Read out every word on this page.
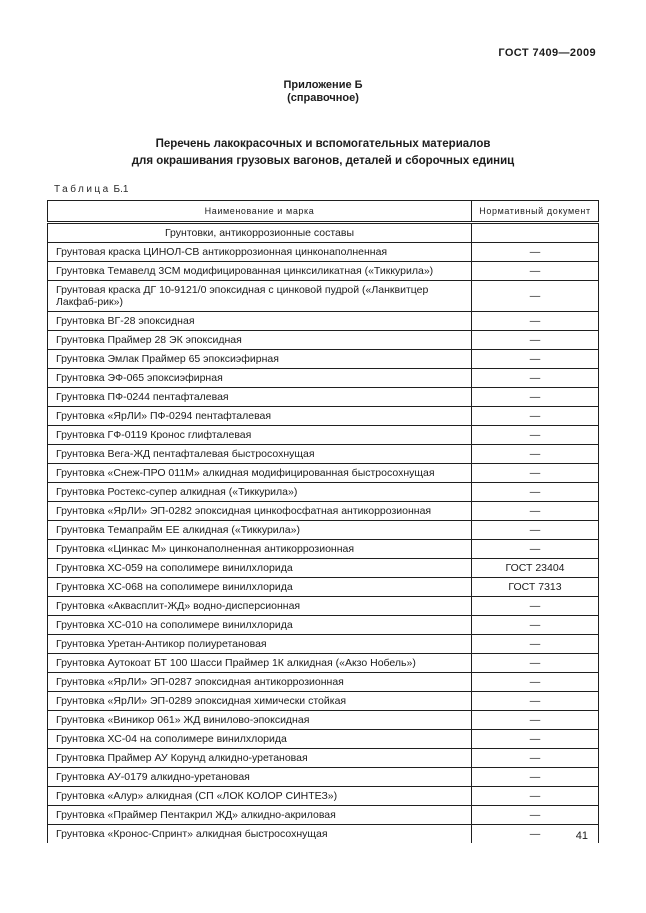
ГОСТ 7409—2009
Приложение Б
(справочное)
Перечень лакокрасочных и вспомогательных материалов
для окрашивания грузовых вагонов, деталей и сборочных единиц
Таблица Б.1
Наименование и марка	Нормативный документ
Грунтовки, антикоррозионные составы	
Грунтовая краска ЦИНОЛ-СВ антикоррозионная цинконаполненная	—
Грунтовка Темавелд 3СМ модифицированная цинксиликатная («Тиккурила»)	—
Грунтовая краска ДГ 10-9121/0 эпоксидная с цинковой пудрой («Ланквитцер Лакфаб-рик»)	—
Грунтовка ВГ-28 эпоксидная	—
Грунтовка Праймер 28 ЭК эпоксидная	—
Грунтовка Эмлак Праймер 65 эпоксиэфирная	—
Грунтовка ЭФ-065 эпоксиэфирная	—
Грунтовка ПФ-0244 пентафталевая	—
Грунтовка «ЯрЛИ» ПФ-0294 пентафталевая	—
Грунтовка ГФ-0119 Кронос глифталевая	—
Грунтовка Вега-ЖД пентафталевая быстросохнущая	—
Грунтовка «Снеж-ПРО 011М» алкидная модифицированная быстросохнущая	—
Грунтовка Ростекс-супер алкидная («Тиккурила»)	—
Грунтовка «ЯрЛИ» ЭП-0282 эпоксидная цинкофосфатная антикоррозионная	—
Грунтовка Темапрайм ЕЕ алкидная («Тиккурила»)	—
Грунтовка «Цинкас М» цинконаполненная антикоррозионная	—
Грунтовка ХС-059 на сополимере винилхлорида	ГОСТ 23404
Грунтовка ХС-068 на сополимере винилхлорида	ГОСТ 7313
Грунтовка «Аквасплит-ЖД» водно-дисперсионная	—
Грунтовка ХС-010 на сополимере винилхлорида	—
Грунтовка Уретан-Антикор полиуретановая	—
Грунтовка Аутокоат БТ 100 Шасси Праймер 1К алкидная («Акзо Нобель»)	—
Грунтовка «ЯрЛИ» ЭП-0287 эпоксидная антикоррозионная	—
Грунтовка «ЯрЛИ» ЭП-0289 эпоксидная химически стойкая	—
Грунтовка «Виникор 061» ЖД винилово-эпоксидная	—
Грунтовка ХС-04 на сополимере винилхлорида	—
Грунтовка Праймер АУ Корунд алкидно-уретановая	—
Грунтовка АУ-0179 алкидно-уретановая	—
Грунтовка «Алур» алкидная (СП «ЛОК КОЛОР СИНТЕЗ»)	—
Грунтовка «Праймер Пентакрил ЖД» алкидно-акриловая	—
Грунтовка «Кронос-Спринт» алкидная быстросохнущая	—	41
